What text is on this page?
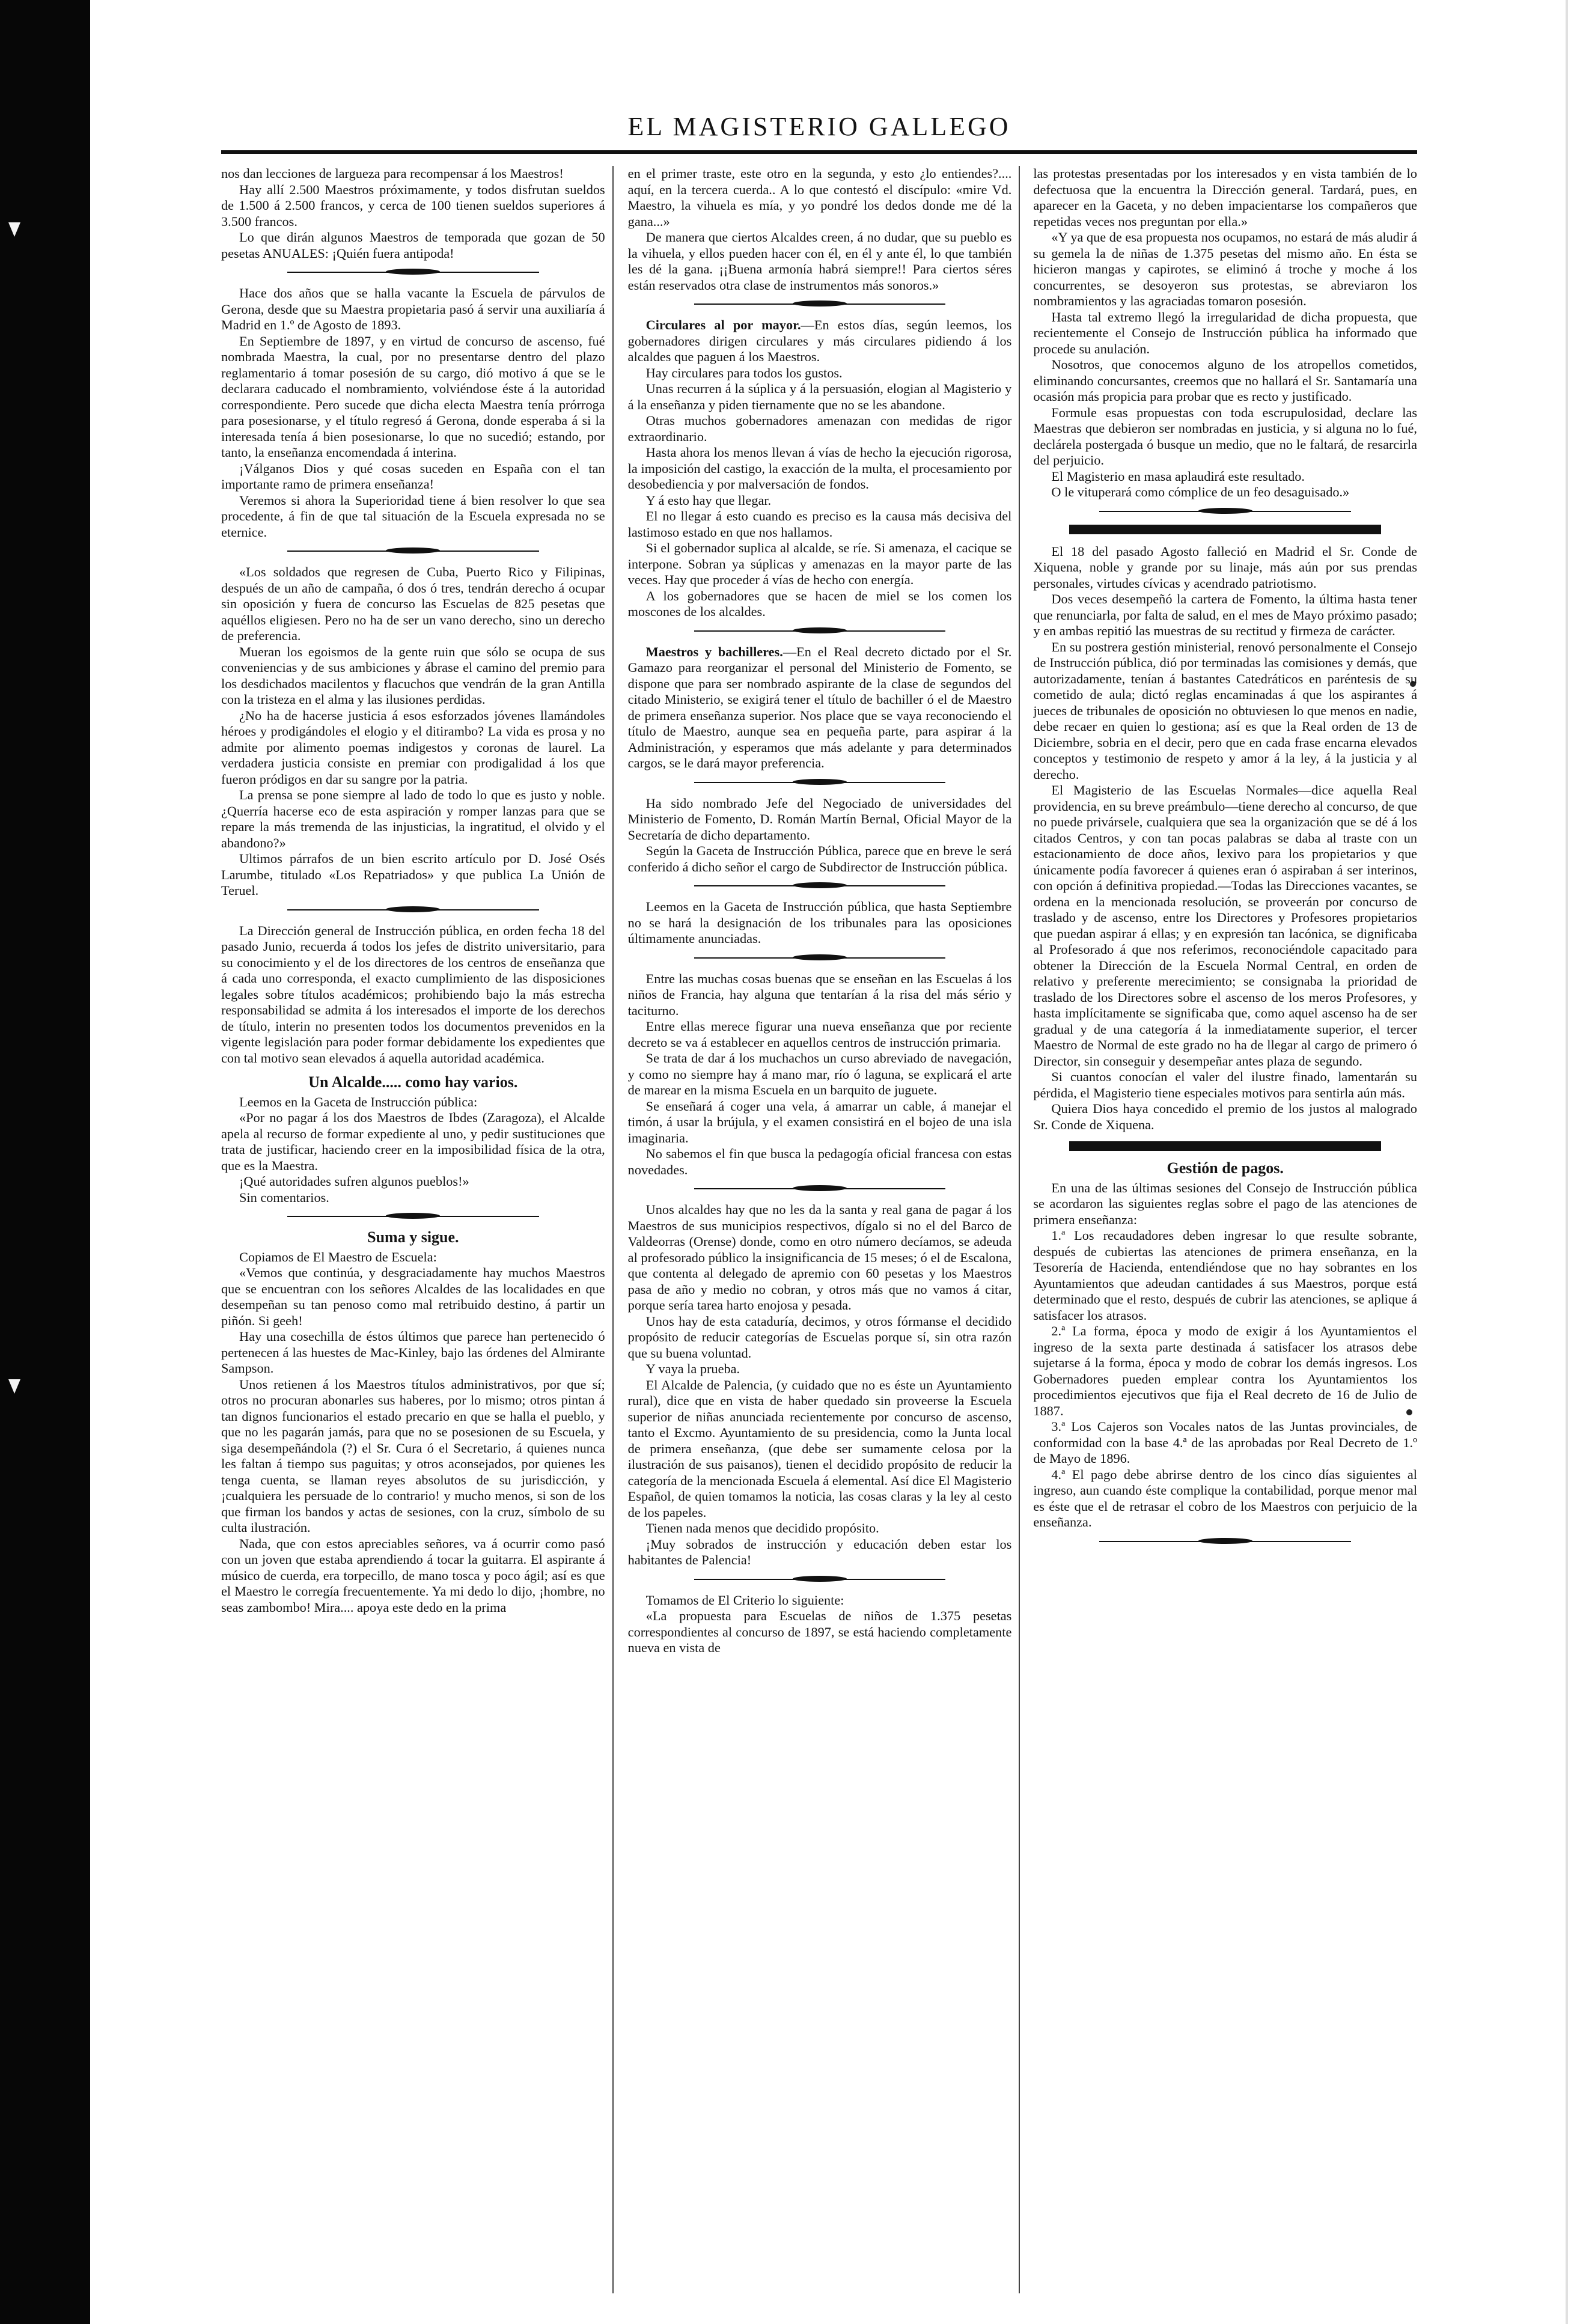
EL MAGISTERIO GALLEGO

nos dan lecciones de largueza para recompensar á los Maestros!

Hay allí 2.500 Maestros próximamente, y todos disfrutan sueldos de 1.500 á 2.500 francos, y cerca de 100 tienen sueldos superiores á 3.500 francos.

Lo que dirán algunos Maestros de temporada que gozan de 50 pesetas ANUALES: ¡Quién fuera antipoda!

Hace dos años que se halla vacante la Escuela de párvulos de Gerona, desde que su Maestra propietaria pasó á servir una auxiliaría á Madrid en 1.º de Agosto de 1893.

En Septiembre de 1897, y en virtud de concurso de ascenso, fué nombrada Maestra, la cual, por no presentarse dentro del plazo reglamentario á tomar posesión de su cargo, dió motivo á que se le declarara caducado el nombramiento, volviéndose éste á la autoridad correspondiente. Pero sucede que dicha electa Maestra tenía prórroga para posesionarse, y el título regresó á Gerona, donde esperaba á si la interesada tenía á bien posesionarse, lo que no sucedió; estando, por tanto, la enseñanza encomendada á interina.

¡Válganos Dios y qué cosas suceden en España con el tan importante ramo de primera enseñanza!

Veremos si ahora la Superioridad tiene á bien resolver lo que sea procedente, á fin de que tal situación de la Escuela expresada no se eternice.

«Los soldados que regresen de Cuba, Puerto Rico y Filipinas, después de un año de campaña, ó dos ó tres, tendrán derecho á ocupar sin oposición y fuera de concurso las Escuelas de 825 pesetas que aquéllos eligiesen. Pero no ha de ser un vano derecho, sino un derecho de preferencia.

Mueran los egoismos de la gente ruin que sólo se ocupa de sus conveniencias y de sus ambiciones y ábrase el camino del premio para los desdichados macilentos y flacuchos que vendrán de la gran Antilla con la tristeza en el alma y las ilusiones perdidas.

¿No ha de hacerse justicia á esos esforzados jóvenes llamándoles héroes y prodigándoles el elogio y el ditirambo? La vida es prosa y no admite por alimento poemas indigestos y coronas de laurel. La verdadera justicia consiste en premiar con prodigalidad á los que fueron pródigos en dar su sangre por la patria.

La prensa se pone siempre al lado de todo lo que es justo y noble. ¿Querría hacerse eco de esta aspiración y romper lanzas para que se repare la más tremenda de las injusticias, la ingratitud, el olvido y el abandono?»

Ultimos párrafos de un bien escrito artículo por D. José Osés Larumbe, titulado «Los Repatriados» y que publica La Unión de Teruel.

La Dirección general de Instrucción pública, en orden fecha 18 del pasado Junio, recuerda á todos los jefes de distrito universitario, para su conocimiento y el de los directores de los centros de enseñanza que á cada uno corresponda, el exacto cumplimiento de las disposiciones legales sobre títulos académicos; prohibiendo bajo la más estrecha responsabilidad se admita á los interesados el importe de los derechos de título, interin no presenten todos los documentos prevenidos en la vigente legislación para poder formar debidamente los expedientes que con tal motivo sean elevados á aquella autoridad académica.

Un Alcalde..... como hay varios.

Leemos en la Gaceta de Instrucción pública:

«Por no pagar á los dos Maestros de Ibdes (Zaragoza), el Alcalde apela al recurso de formar expediente al uno, y pedir sustituciones que trata de justificar, haciendo creer en la imposibilidad física de la otra, que es la Maestra.

¡Qué autoridades sufren algunos pueblos!»

Sin comentarios.

Suma y sigue.

Copiamos de El Maestro de Escuela:

«Vemos que continúa, y desgraciadamente hay muchos Maestros que se encuentran con los señores Alcaldes de las localidades en que desempeñan su tan penoso como mal retribuido destino, á partir un piñón. Si geeh!

Hay una cosechilla de éstos últimos que parece han pertenecido ó pertenecen á las huestes de Mac-Kinley, bajo las órdenes del Almirante Sampson.

Unos retienen á los Maestros títulos administrativos, por que sí; otros no procuran abonarles sus haberes, por lo mismo; otros pintan á tan dignos funcionarios el estado precario en que se halla el pueblo, y que no les pagarán jamás, para que no se posesionen de su Escuela, y siga desempeñándola (?) el Sr. Cura ó el Secretario, á quienes nunca les faltan á tiempo sus paguitas; y otros aconsejados, por quienes les tenga cuenta, se llaman reyes absolutos de su jurisdicción, y ¡cualquiera les persuade de lo contrario! y mucho menos, si son de los que firman los bandos y actas de sesiones, con la cruz, símbolo de su culta ilustración.

Nada, que con estos apreciables señores, va á ocurrir como pasó con un joven que estaba aprendiendo á tocar la guitarra. El aspirante á músico de cuerda, era torpecillo, de mano tosca y poco ágil; así es que el Maestro le corregía frecuentemente. Ya mi dedo lo dijo, ¡hombre, no seas zambombo! Mira.... apoya este dedo en la prima

en el primer traste, este otro en la segunda, y esto ¿lo entiendes?.... aquí, en la tercera cuerda.. A lo que contestó el discípulo: «mire Vd. Maestro, la vihuela es mía, y yo pondré los dedos donde me dé la gana...»

De manera que ciertos Alcaldes creen, á no dudar, que su pueblo es la vihuela, y ellos pueden hacer con él, en él y ante él, lo que también les dé la gana. ¡¡Buena armonía habrá siempre!! Para ciertos séres están reservados otra clase de instrumentos más sonoros.»

Circulares al por mayor.—En estos días, según leemos, los gobernadores dirigen circulares y más circulares pidiendo á los alcaldes que paguen á los Maestros.

Hay circulares para todos los gustos.

Unas recurren á la súplica y á la persuasión, elogian al Magisterio y á la enseñanza y piden tiernamente que no se les abandone.

Otras muchos gobernadores amenazan con medidas de rigor extraordinario.

Hasta ahora los menos llevan á vías de hecho la ejecución rigorosa, la imposición del castigo, la exacción de la multa, el procesamiento por desobediencia y por malversación de fondos.

Y á esto hay que llegar.

El no llegar á esto cuando es preciso es la causa más decisiva del lastimoso estado en que nos hallamos.

Si el gobernador suplica al alcalde, se ríe. Si amenaza, el cacique se interpone. Sobran ya súplicas y amenazas en la mayor parte de las veces. Hay que proceder á vías de hecho con energía.

A los gobernadores que se hacen de miel se los comen los moscones de los alcaldes.

Maestros y bachilleres.—En el Real decreto dictado por el Sr. Gamazo para reorganizar el personal del Ministerio de Fomento, se dispone que para ser nombrado aspirante de la clase de segundos del citado Ministerio, se exigirá tener el título de bachiller ó el de Maestro de primera enseñanza superior. Nos place que se vaya reconociendo el título de Maestro, aunque sea en pequeña parte, para aspirar á la Administración, y esperamos que más adelante y para determinados cargos, se le dará mayor preferencia.

Ha sido nombrado Jefe del Negociado de universidades del Ministerio de Fomento, D. Román Martín Bernal, Oficial Mayor de la Secretaría de dicho departamento.

Según la Gaceta de Instrucción Pública, parece que en breve le será conferido á dicho señor el cargo de Subdirector de Instrucción pública.

Leemos en la Gaceta de Instrucción pública, que hasta Septiembre no se hará la designación de los tribunales para las oposiciones últimamente anunciadas.

Entre las muchas cosas buenas que se enseñan en las Escuelas á los niños de Francia, hay alguna que tentarían á la risa del más sério y taciturno.

Entre ellas merece figurar una nueva enseñanza que por reciente decreto se va á establecer en aquellos centros de instrucción primaria.

Se trata de dar á los muchachos un curso abreviado de navegación, y como no siempre hay á mano mar, río ó laguna, se explicará el arte de marear en la misma Escuela en un barquito de juguete.

Se enseñará á coger una vela, á amarrar un cable, á manejar el timón, á usar la brújula, y el examen consistirá en el bojeo de una isla imaginaria.

No sabemos el fin que busca la pedagogía oficial francesa con estas novedades.

Unos alcaldes hay que no les da la santa y real gana de pagar á los Maestros de sus municipios respectivos, dígalo si no el del Barco de Valdeorras (Orense) donde, como en otro número decíamos, se adeuda al profesorado público la insignificancia de 15 meses; ó el de Escalona, que contenta al delegado de apremio con 60 pesetas y los Maestros pasa de año y medio no cobran, y otros más que no vamos á citar, porque sería tarea harto enojosa y pesada.

Unos hay de esta cataduría, decimos, y otros fórmanse el decidido propósito de reducir categorías de Escuelas porque sí, sin otra razón que su buena voluntad.

Y vaya la prueba.

El Alcalde de Palencia, (y cuidado que no es éste un Ayuntamiento rural), dice que en vista de haber quedado sin proveerse la Escuela superior de niñas anunciada recientemente por concurso de ascenso, tanto el Excmo. Ayuntamiento de su presidencia, como la Junta local de primera enseñanza, (que debe ser sumamente celosa por la ilustración de sus paisanos), tienen el decidido propósito de reducir la categoría de la mencionada Escuela á elemental. Así dice El Magisterio Español, de quien tomamos la noticia, las cosas claras y la ley al cesto de los papeles.

Tienen nada menos que decidido propósito.

¡Muy sobrados de instrucción y educación deben estar los habitantes de Palencia!

Tomamos de El Criterio lo siguiente:

«La propuesta para Escuelas de niños de 1.375 pesetas correspondientes al concurso de 1897, se está haciendo completamente nueva en vista de

las protestas presentadas por los interesados y en vista también de lo defectuosa que la encuentra la Dirección general. Tardará, pues, en aparecer en la Gaceta, y no deben impacientarse los compañeros que repetidas veces nos preguntan por ella.»

«Y ya que de esa propuesta nos ocupamos, no estará de más aludir á su gemela la de niñas de 1.375 pesetas del mismo año. En ésta se hicieron mangas y capirotes, se eliminó á troche y moche á los concurrentes, se desoyeron sus protestas, se abreviaron los nombramientos y las agraciadas tomaron posesión.

Hasta tal extremo llegó la irregularidad de dicha propuesta, que recientemente el Consejo de Instrucción pública ha informado que procede su anulación.

Nosotros, que conocemos alguno de los atropellos cometidos, eliminando concursantes, creemos que no hallará el Sr. Santamaría una ocasión más propicia para probar que es recto y justificado.

Formule esas propuestas con toda escrupulosidad, declare las Maestras que debieron ser nombradas en justicia, y si alguna no lo fué, declárela postergada ó busque un medio, que no le faltará, de resarcirla del perjuicio.

El Magisterio en masa aplaudirá este resultado.

O le vituperará como cómplice de un feo desaguisado.»

El 18 del pasado Agosto falleció en Madrid el Sr. Conde de Xiquena, noble y grande por su linaje, más aún por sus prendas personales, virtudes cívicas y acendrado patriotismo.

Dos veces desempeñó la cartera de Fomento, la última hasta tener que renunciarla, por falta de salud, en el mes de Mayo próximo pasado; y en ambas repitió las muestras de su rectitud y firmeza de carácter.

En su postrera gestión ministerial, renovó personalmente el Consejo de Instrucción pública, dió por terminadas las comisiones y demás, que autorizadamente, tenían á bastantes Catedráticos en paréntesis de su cometido de aula; dictó reglas encaminadas á que los aspirantes á jueces de tribunales de oposición no obtuviesen lo que menos en nadie, debe recaer en quien lo gestiona; así es que la Real orden de 13 de Diciembre, sobria en el decir, pero que en cada frase encarna elevados conceptos y testimonio de respeto y amor á la ley, á la justicia y al derecho.

El Magisterio de las Escuelas Normales—dice aquella Real providencia, en su breve preámbulo—tiene derecho al concurso, de que no puede privársele, cualquiera que sea la organización que se dé á los citados Centros, y con tan pocas palabras se daba al traste con un estacionamiento de doce años, lexivo para los propietarios y que únicamente podía favorecer á quienes eran ó aspiraban á ser interinos, con opción á definitiva propiedad.—Todas las Direcciones vacantes, se ordena en la mencionada resolución, se proveerán por concurso de traslado y de ascenso, entre los Directores y Profesores propietarios que puedan aspirar á ellas; y en expresión tan lacónica, se dignificaba al Profesorado á que nos referimos, reconociéndole capacitado para obtener la Dirección de la Escuela Normal Central, en orden de relativo y preferente merecimiento; se consignaba la prioridad de traslado de los Directores sobre el ascenso de los meros Profesores, y hasta implícitamente se significaba que, como aquel ascenso ha de ser gradual y de una categoría á la inmediatamente superior, el tercer Maestro de Normal de este grado no ha de llegar al cargo de primero ó Director, sin conseguir y desempeñar antes plaza de segundo.

Si cuantos conocían el valer del ilustre finado, lamentarán su pérdida, el Magisterio tiene especiales motivos para sentirla aún más.

Quiera Dios haya concedido el premio de los justos al malogrado Sr. Conde de Xiquena.

Gestión de pagos.

En una de las últimas sesiones del Consejo de Instrucción pública se acordaron las siguientes reglas sobre el pago de las atenciones de primera enseñanza:

1.ª Los recaudadores deben ingresar lo que resulte sobrante, después de cubiertas las atenciones de primera enseñanza, en la Tesorería de Hacienda, entendiéndose que no hay sobrantes en los Ayuntamientos que adeudan cantidades á sus Maestros, porque está determinado que el resto, después de cubrir las atenciones, se aplique á satisfacer los atrasos.

2.ª La forma, época y modo de exigir á los Ayuntamientos el ingreso de la sexta parte destinada á satisfacer los atrasos debe sujetarse á la forma, época y modo de cobrar los demás ingresos. Los Gobernadores pueden emplear contra los Ayuntamientos los procedimientos ejecutivos que fija el Real decreto de 16 de Julio de 1887.

3.ª Los Cajeros son Vocales natos de las Juntas provinciales, de conformidad con la base 4.ª de las aprobadas por Real Decreto de 1.º de Mayo de 1896.

4.ª El pago debe abrirse dentro de los cinco días siguientes al ingreso, aun cuando éste complique la contabilidad, porque menor mal es éste que el de retrasar el cobro de los Maestros con perjuicio de la enseñanza.
